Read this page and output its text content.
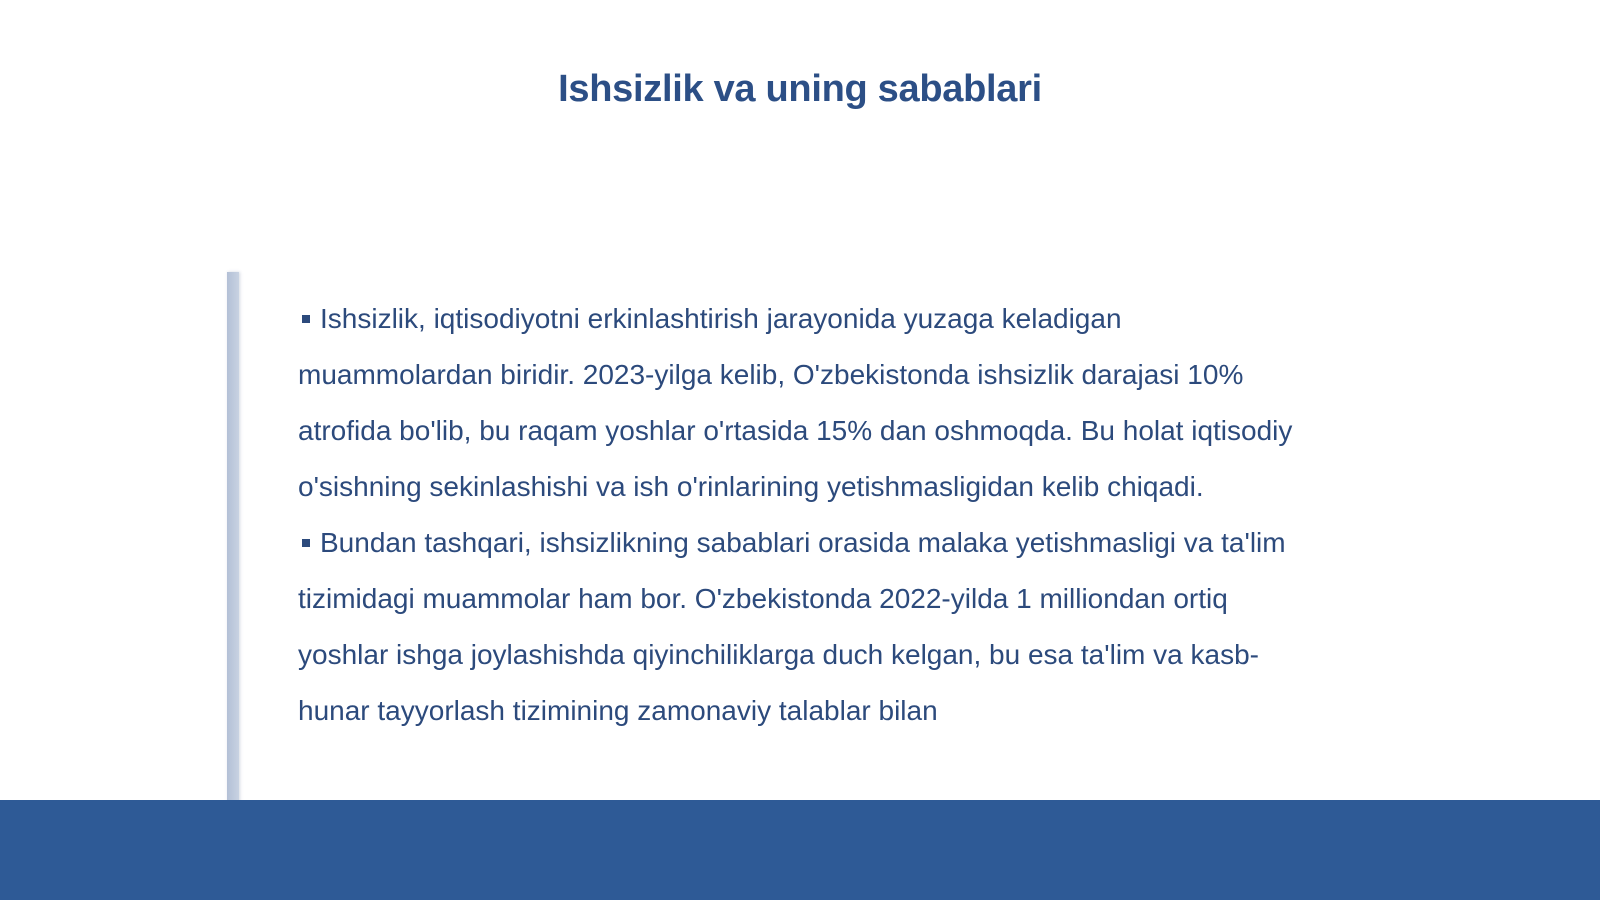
Ishsizlik va uning sabablari

Ishsizlik, iqtisodiyotni erkinlashtirish jarayonida yuzaga keladigan muammolardan biridir. 2023-yilga kelib, O'zbekistonda ishsizlik darajasi 10% atrofida bo'lib, bu raqam yoshlar o'rtasida 15% dan oshmoqda. Bu holat iqtisodiy o'sishning sekinlashishi va ish o'rinlarining yetishmasligidan kelib chiqadi.

Bundan tashqari, ishsizlikning sabablari orasida malaka yetishmasligi va ta'lim tizimidagi muammolar ham bor. O'zbekistonda 2022-yilda 1 milliondan ortiq yoshlar ishga joylashishda qiyinchiliklarga duch kelgan, bu esa ta'lim va kasb-hunar tayyorlash tizimining zamonaviy talablar bilan
